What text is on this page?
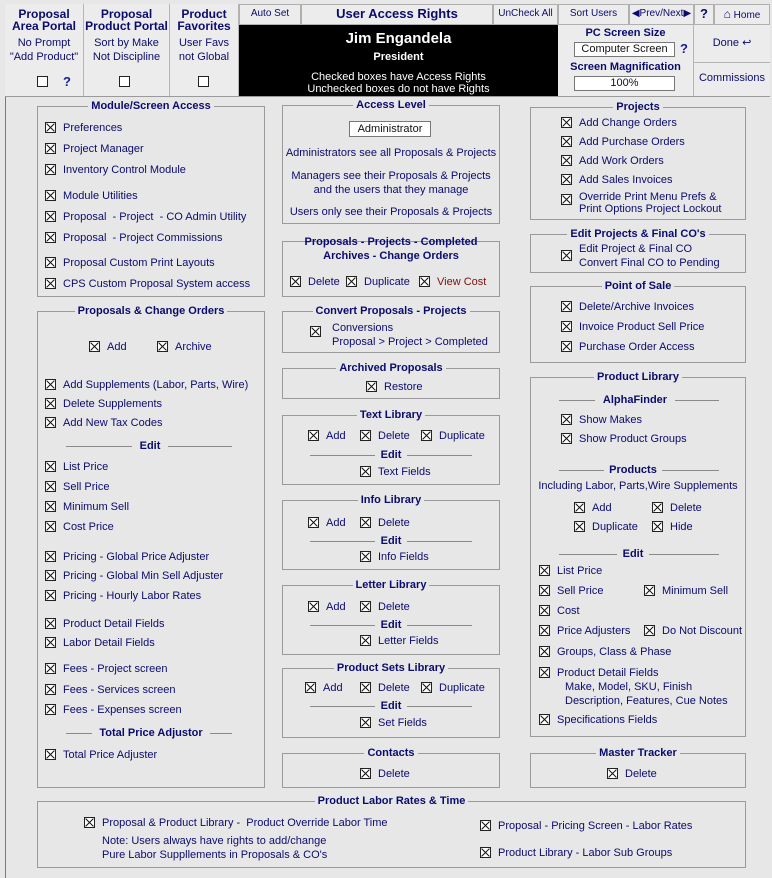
Proposal
Area Portal
No Prompt
"Add Product"
?
Proposal
Product Portal
Sort by Make
Not Discipline
Product
Favorites
User Favs
not Global
Auto Set	User Access Rights	UnCheck All	Sort Users	◀Prev/Next▶ ?	⌂ Home
Jim Engandela
President
Checked boxes have Access Rights
Unchecked boxes do not have Rights
PC Screen Size
Computer Screen ?
Screen Magnification
100%
Done ↩
Commissions
Module/Screen Access
Preferences
Project Manager
Inventory Control Module
Module Utilities
Proposal  - Project  - CO Admin Utility
Proposal  - Project Commissions
Proposal Custom Print Layouts
CPS Custom Proposal System access
Proposals & Change Orders
Add	Archive
Add Supplements (Labor, Parts, Wire)
Delete Supplements
Add New Tax Codes
Edit
List Price
Sell Price
Minimum Sell
Cost Price
Pricing - Global Price Adjuster
Pricing - Global Min Sell Adjuster
Pricing - Hourly Labor Rates
Product Detail Fields
Labor Detail Fields
Fees - Project screen
Fees - Services screen
Fees - Expenses screen
Total Price Adjustor
Total Price Adjuster
Access Level
Administrator
Administrators see all Proposals & Projects
Managers see their Proposals & Projects
and the users that they manage
Users only see their Proposals & Projects
Proposals - Projects - Completed
Archives - Change Orders
Delete Duplicate View Cost
Convert Proposals - Projects
Conversions
Proposal > Project > Completed
Archived Proposals
Restore
Text Library
Add	Delete	Duplicate
Edit
Text Fields
Info Library
Add	Delete
Edit
Info Fields
Letter Library
Add	Delete
Edit
Letter Fields
Product Sets Library
Add	Delete	Duplicate
Edit
Set Fields
Contacts
Delete
Projects
Add Change Orders
Add Purchase Orders
Add Work Orders
Add Sales Invoices
Override Print Menu Prefs &
Print Options Project Lockout
Edit Projects & Final CO's
Edit Project & Final CO
Convert Final CO to Pending
Point of Sale
Delete/Archive Invoices
Invoice Product Sell Price
Purchase Order Access
Product Library
AlphaFinder
Show Makes
Show Product Groups
Products
Including Labor, Parts,Wire Supplements
Add	Delete
Duplicate	Hide
Edit
List Price
Sell Price	Minimum Sell
Cost
Price Adjusters	Do Not Discount
Groups, Class & Phase
Product Detail Fields
Make, Model, SKU, Finish
Description, Features, Cue Notes
Specifications Fields
Master Tracker
Delete
Product Labor Rates & Time
Proposal & Product Library -  Product Override Labor Time
Note: Users always have rights to add/change
Pure Labor Suppllements in Proposals & CO's
Proposal - Pricing Screen - Labor Rates
Product Library - Labor Sub Groups
